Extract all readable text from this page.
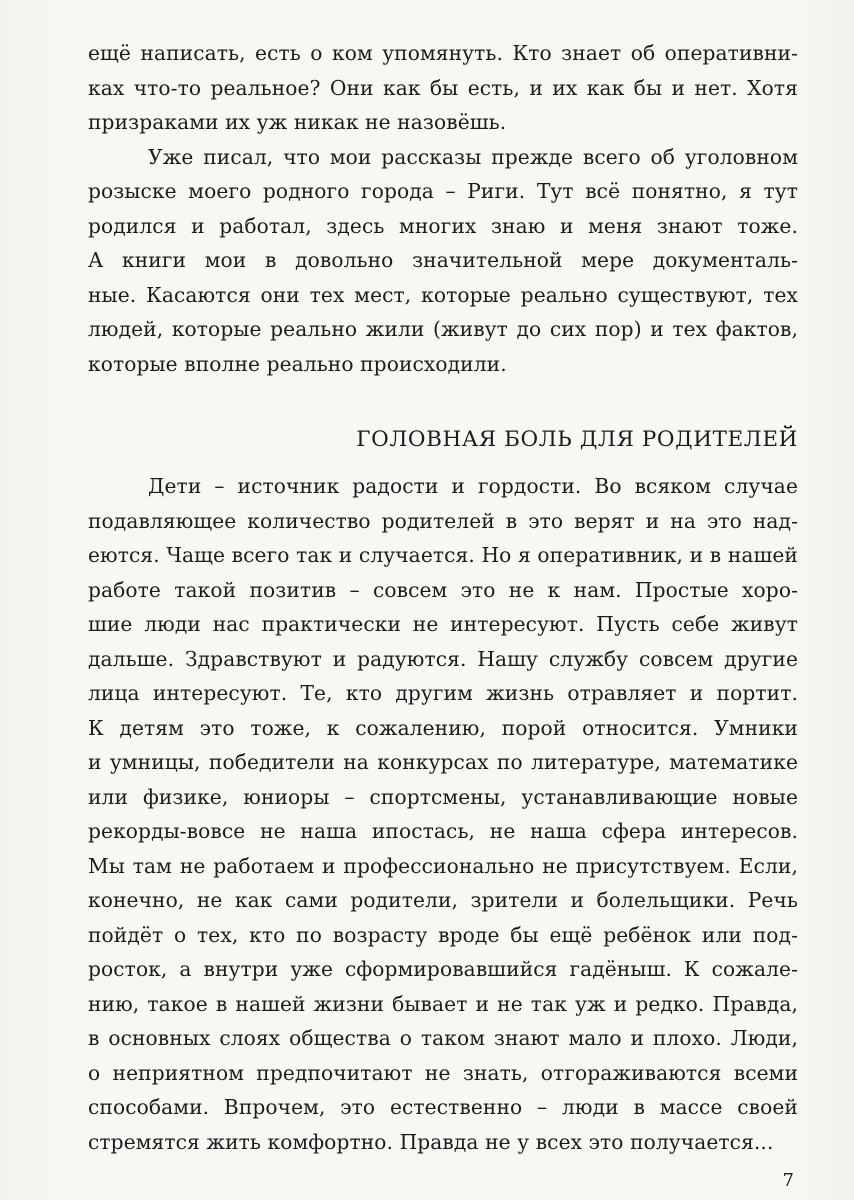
ещё написать, есть о ком упомянуть. Кто знает об оперативни-
ках что-то реальное? Они как бы есть, и их как бы и нет. Хотя
призраками их уж никак не назовёшь.
Уже писал, что мои рассказы прежде всего об уголовном
розыске моего родного города – Риги. Тут всё понятно, я тут
родился и работал, здесь многих знаю и меня знают тоже.
А книги мои в довольно значительной мере документаль-
ные. Касаются они тех мест, которые реально существуют, тех
людей, которые реально жили (живут до сих пор) и тех фактов,
которые вполне реально происходили.
ГОЛОВНАЯ БОЛЬ ДЛЯ РОДИТЕЛЕЙ
Дети – источник радости и гордости. Во всяком случае
подавляющее количество родителей в это верят и на это над-
еются. Чаще всего так и случается. Но я оперативник, и в нашей
работе такой позитив – совсем это не к нам. Простые хоро-
шие люди нас практически не интересуют. Пусть себе живут
дальше. Здравствуют и радуются. Нашу службу совсем другие
лица интересуют. Те, кто другим жизнь отравляет и портит.
К детям это тоже, к сожалению, порой относится. Умники
и умницы, победители на конкурсах по литературе, математике
или физике, юниоры – спортсмены, устанавливающие новые
рекорды-вовсе не наша ипостась, не наша сфера интересов.
Мы там не работаем и профессионально не присутствуем. Если,
конечно, не как сами родители, зрители и болельщики. Речь
пойдёт о тех, кто по возрасту вроде бы ещё ребёнок или под-
росток, а внутри уже сформировавшийся гадёныш. К сожале-
нию, такое в нашей жизни бывает и не так уж и редко. Правда,
в основных слоях общества о таком знают мало и плохо. Люди,
о неприятном предпочитают не знать, отгораживаются всеми
способами. Впрочем, это естественно – люди в массе своей
стремятся жить комфортно. Правда не у всех это получается...
7
